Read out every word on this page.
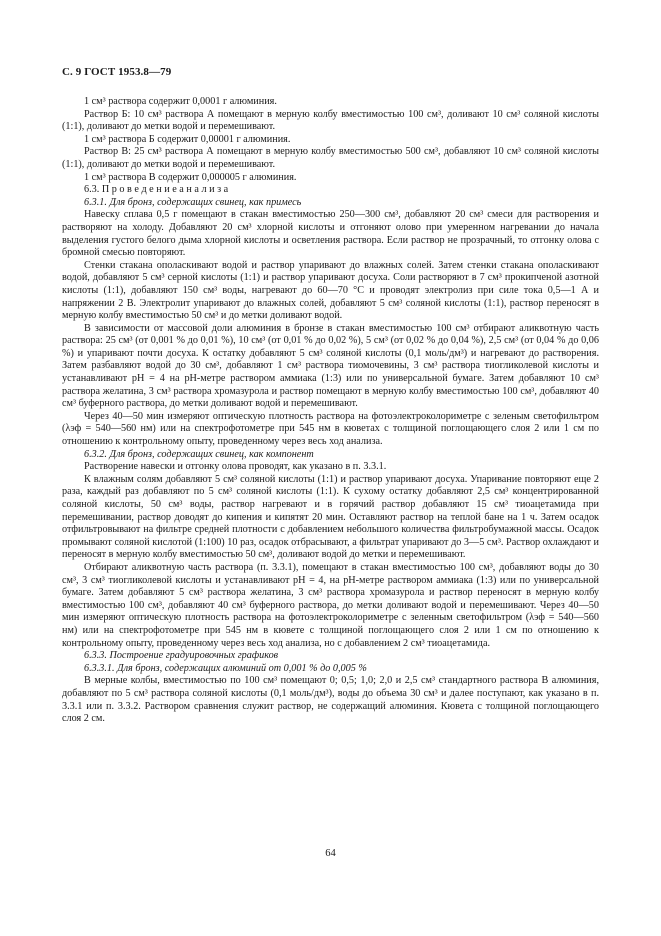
С. 9 ГОСТ 1953.8—79

1 см³ раствора содержит 0,0001 г алюминия.

Раствор Б: 10 см³ раствора А помещают в мерную колбу вместимостью 100 см³, доливают 10 см³ соляной кислоты (1:1), доливают до метки водой и перемешивают.

1 см³ раствора Б содержит 0,00001 г алюминия.

Раствор В: 25 см³ раствора А помещают в мерную колбу вместимостью 500 см³, добавляют 10 см³ соляной кислоты (1:1), доливают до метки водой и перемешивают.

1 см³ раствора В содержит 0,000005 г алюминия.

6.3. П р о в е д е н и е а н а л и з а

6.3.1. Для бронз, содержащих свинец, как примесь

Навеску сплава 0,5 г помещают в стакан вместимостью 250—300 см³, добавляют 20 см³ смеси для растворения и растворяют на холоду. Добавляют 20 см³ хлорной кислоты и отгоняют олово при умеренном нагревании до начала выделения густого белого дыма хлорной кислоты и осветления раствора. Если раствор не прозрачный, то отгонку олова с бромной смесью повторяют.

Стенки стакана ополаскивают водой и раствор упаривают до влажных солей. Затем стенки стакана ополаскивают водой, добавляют 5 см³ серной кислоты (1:1) и раствор упаривают досуха. Соли растворяют в 7 см³ прокипченой азотной кислоты (1:1), добавляют 150 см³ воды, нагревают до 60—70 °С и проводят электролиз при силе тока 0,5—1 А и напряжении 2 В. Электролит упаривают до влажных солей, добавляют 5 см³ соляной кислоты (1:1), раствор переносят в мерную колбу вместимостью 50 см³ и до метки доливают водой.

В зависимости от массовой доли алюминия в бронзе в стакан вместимостью 100 см³ отбирают аликвотную часть раствора: 25 см³ (от 0,001 % до 0,01 %), 10 см³ (от 0,01 % до 0,02 %), 5 см³ (от 0,02 % до 0,04 %), 2,5 см³ (от 0,04 % до 0,06 %) и упаривают почти досуха. К остатку добавляют 5 см³ соляной кислоты (0,1 моль/дм³) и нагревают до растворения. Затем разбавляют водой до 30 см³, добавляют 1 см³ раствора тиомочевины, 3 см³ раствора тиогликолевой кислоты и устанавливают рН = 4 на рН-метре раствором аммиака (1:3) или по универсальной бумаге. Затем добавляют 10 см³ раствора желатина, 3 см³ раствора хромазурола и раствор помещают в мерную колбу вместимостью 100 см³, добавляют 40 см³ буферного раствора, до метки доливают водой и перемешивают.

Через 40—50 мин измеряют оптическую плотность раствора на фотоэлектроколориметре с зеленым светофильтром (λэф = 540—560 нм) или на спектрофотометре при 545 нм в кюветах с толщиной поглощающего слоя 2 или 1 см по отношению к контрольному опыту, проведенному через весь ход анализа.

6.3.2. Для бронз, содержащих свинец, как компонент

Растворение навески и отгонку олова проводят, как указано в п. 3.3.1.

К влажным солям добавляют 5 см³ соляной кислоты (1:1) и раствор упаривают досуха. Упаривание повторяют еще 2 раза, каждый раз добавляют по 5 см³ соляной кислоты (1:1). К сухому остатку добавляют 2,5 см³ концентрированной соляной кислоты, 50 см³ воды, раствор нагревают и в горячий раствор добавляют 15 см³ тиоацетамида при перемешивании, раствор доводят до кипения и кипятят 20 мин. Оставляют раствор на теплой бане на 1 ч. Затем осадок отфильтровывают на фильтре средней плотности с добавлением небольшого количества фильтробумажной массы. Осадок промывают соляной кислотой (1:100) 10 раз, осадок отбрасывают, а фильтрат упаривают до 3—5 см³. Раствор охлаждают и переносят в мерную колбу вместимостью 50 см³, доливают водой до метки и перемешивают.

Отбирают аликвотную часть раствора (п. 3.3.1), помещают в стакан вместимостью 100 см³, добавляют воды до 30 см³, 3 см³ тиогликолевой кислоты и устанавливают рН = 4, на рН-метре раствором аммиака (1:3) или по универсальной бумаге. Затем добавляют 5 см³ раствора желатина, 3 см³ раствора хромазурола и раствор переносят в мерную колбу вместимостью 100 см³, добавляют 40 см³ буферного раствора, до метки доливают водой и перемешивают. Через 40—50 мин измеряют оптическую плотность раствора на фотоэлектроколориметре с зеленным светофильтром (λэф = 540—560 нм) или на спектрофотометре при 545 нм в кювете с толщиной поглощающего слоя 2 или 1 см по отношению к контрольному опыту, проведенному через весь ход анализа, но с добавлением 2 см³ тиоацетамида.

6.3.3. Построение градуировочных графиков

6.3.3.1. Для бронз, содержащих алюминий от 0,001 % до 0,005 %

В мерные колбы, вместимостью по 100 см³ помещают 0; 0,5; 1,0; 2,0 и 2,5 см³ стандартного раствора В алюминия, добавляют по 5 см³ раствора соляной кислоты (0,1 моль/дм³), воды до объема 30 см³ и далее поступают, как указано в п. 3.3.1 или п. 3.3.2. Раствором сравнения служит раствор, не содержащий алюминия. Кювета с толщиной поглощающего слоя 2 см.

64
